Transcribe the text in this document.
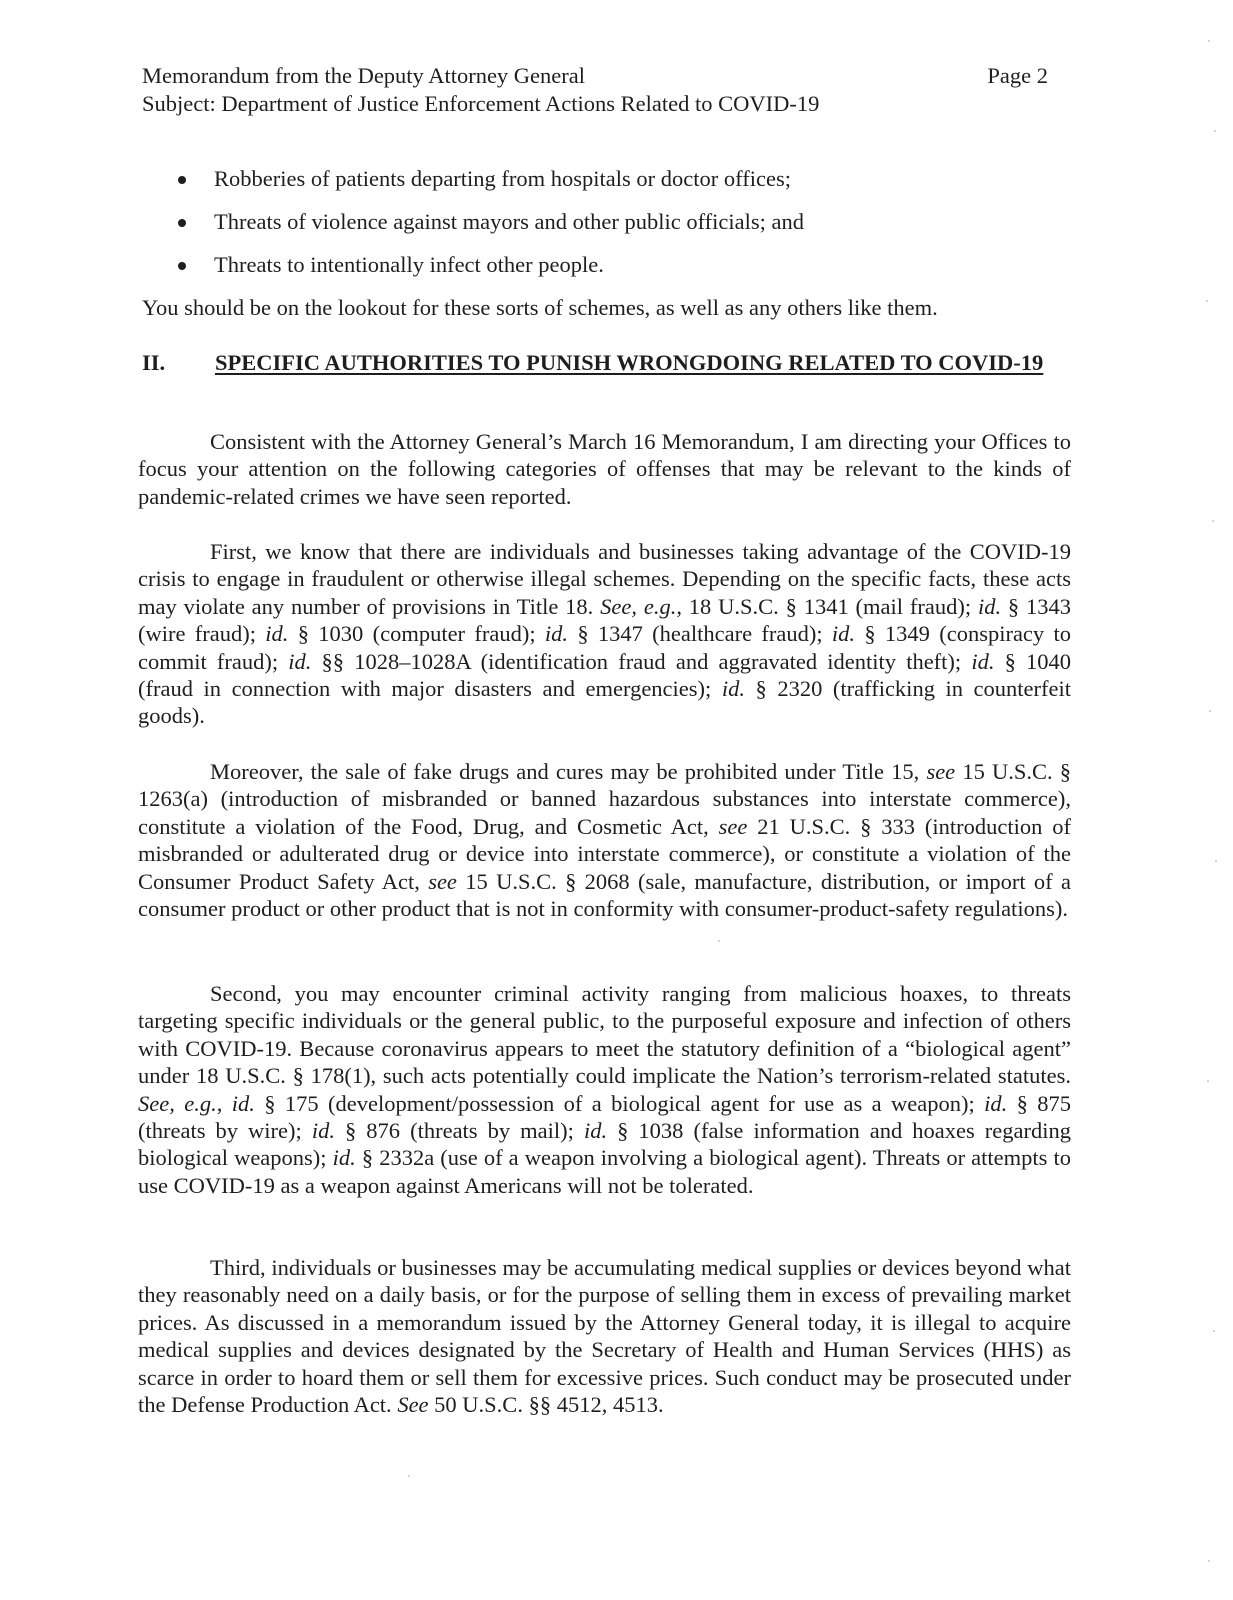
Memorandum from the Deputy Attorney General
Subject: Department of Justice Enforcement Actions Related to COVID-19
Page 2
Robberies of patients departing from hospitals or doctor offices;
Threats of violence against mayors and other public officials; and
Threats to intentionally infect other people.
You should be on the lookout for these sorts of schemes, as well as any others like them.
II. SPECIFIC AUTHORITIES TO PUNISH WRONGDOING RELATED TO COVID-19

Consistent with the Attorney General’s March 16 Memorandum, I am directing your Offices to focus your attention on the following categories of offenses that may be relevant to the kinds of pandemic-related crimes we have seen reported.

First, we know that there are individuals and businesses taking advantage of the COVID-19 crisis to engage in fraudulent or otherwise illegal schemes. Depending on the specific facts, these acts may violate any number of provisions in Title 18. See, e.g., 18 U.S.C. § 1341 (mail fraud); id. § 1343 (wire fraud); id. § 1030 (computer fraud); id. § 1347 (healthcare fraud); id. § 1349 (conspiracy to commit fraud); id. §§ 1028–1028A (identification fraud and aggravated identity theft); id. § 1040 (fraud in connection with major disasters and emergencies); id. § 2320 (trafficking in counterfeit goods).

Moreover, the sale of fake drugs and cures may be prohibited under Title 15, see 15 U.S.C. § 1263(a) (introduction of misbranded or banned hazardous substances into interstate commerce), constitute a violation of the Food, Drug, and Cosmetic Act, see 21 U.S.C. § 333 (introduction of misbranded or adulterated drug or device into interstate commerce), or constitute a violation of the Consumer Product Safety Act, see 15 U.S.C. § 2068 (sale, manufacture, distribution, or import of a consumer product or other product that is not in conformity with consumer-product-safety regulations).

Second, you may encounter criminal activity ranging from malicious hoaxes, to threats targeting specific individuals or the general public, to the purposeful exposure and infection of others with COVID-19. Because coronavirus appears to meet the statutory definition of a “biological agent” under 18 U.S.C. § 178(1), such acts potentially could implicate the Nation’s terrorism-related statutes. See, e.g., id. § 175 (development/possession of a biological agent for use as a weapon); id. § 875 (threats by wire); id. § 876 (threats by mail); id. § 1038 (false information and hoaxes regarding biological weapons); id. § 2332a (use of a weapon involving a biological agent). Threats or attempts to use COVID-19 as a weapon against Americans will not be tolerated.

Third, individuals or businesses may be accumulating medical supplies or devices beyond what they reasonably need on a daily basis, or for the purpose of selling them in excess of prevailing market prices. As discussed in a memorandum issued by the Attorney General today, it is illegal to acquire medical supplies and devices designated by the Secretary of Health and Human Services (HHS) as scarce in order to hoard them or sell them for excessive prices. Such conduct may be prosecuted under the Defense Production Act. See 50 U.S.C. §§ 4512, 4513.
